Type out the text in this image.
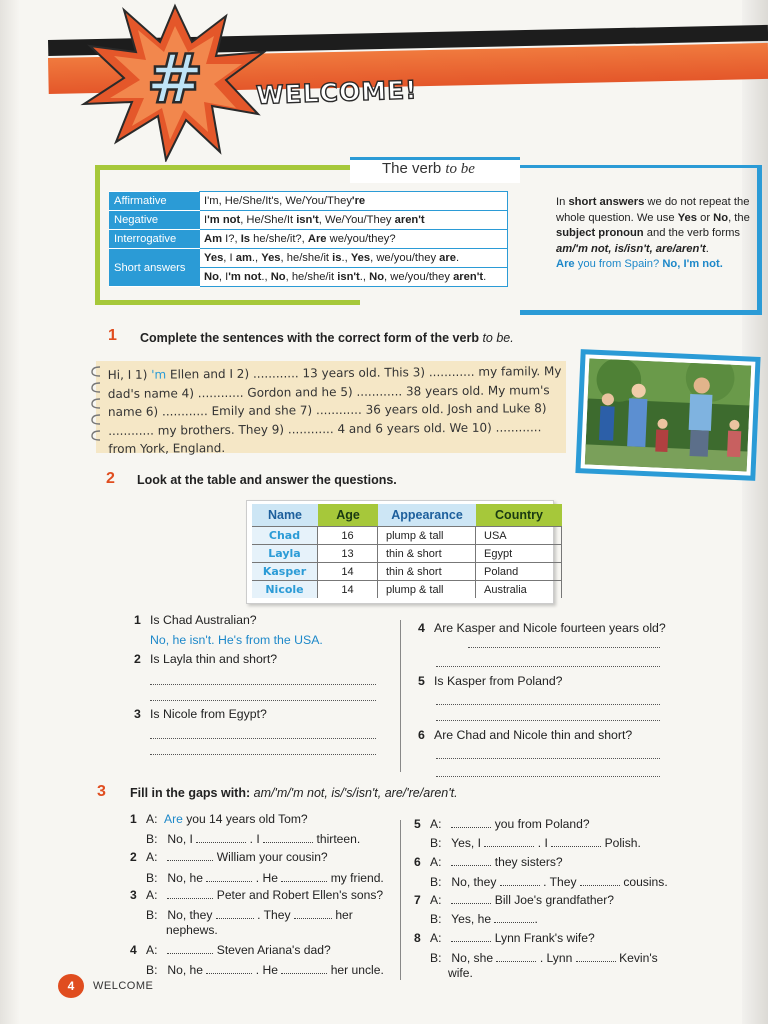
# WELCOME!
The verb to be
Affirmative	I'm, He/She/It's, We/You/They're
Negative	I'm not, He/She/It isn't, We/You/They aren't
Interrogative	Am I?, Is he/she/it?, Are we/you/they?
Short answers	Yes, I am., Yes, he/she/it is., Yes, we/you/they are.
	No, I'm not., No, he/she/it isn't., No, we/you/they aren't.
In short answers we do not repeat the whole question. We use Yes or No, the subject pronoun and the verb forms am/'m not, is/isn't, are/aren't.
Are you from Spain? No, I'm not.
1 Complete the sentences with the correct form of the verb to be.
Hi, I 1) 'm Ellen and I 2) ............ 13 years old. This 3) ............ my family. My dad's name 4) ............ Gordon and he 5) ............ 38 years old. My mum's name 6) ............ Emily and she 7) ............ 36 years old. Josh and Luke 8) ............ my brothers. They 9) ............ 4 and 6 years old. We 10) ............ from York, England.
2 Look at the table and answer the questions.
Name	Age	Appearance	Country
Chad	16	plump & tall	USA
Layla	13	thin & short	Egypt
Kasper	14	thin & short	Poland
Nicole	14	plump & tall	Australia
1 Is Chad Australian?
No, he isn't. He's from the USA.
2 Is Layla thin and short?
3 Is Nicole from Egypt?
4 Are Kasper and Nicole fourteen years old?
5 Is Kasper from Poland?
6 Are Chad and Nicole thin and short?
3 Fill in the gaps with: am/'m/'m not, is/'s/isn't, are/'re/aren't.
1 A: Are you 14 years old Tom?
B: No, I	. I	thirteen.
2 A:	William your cousin?
B: No, he	. He	my friend.
3 A:	Peter and Robert Ellen's sons?
B: No, they	. They	her
nephews.
4 A:	Steven Ariana's dad?
B: No, he	. He	her uncle.
5 A:	you from Poland?
B: Yes, I	. I	Polish.
6 A:	they sisters?
B: No, they	. They	cousins.
7 A:	Bill Joe's grandfather?
B: Yes, he	.
8 A:	Lynn Frank's wife?
B: No, she	. Lynn	Kevin's
wife.
4	WELCOME
